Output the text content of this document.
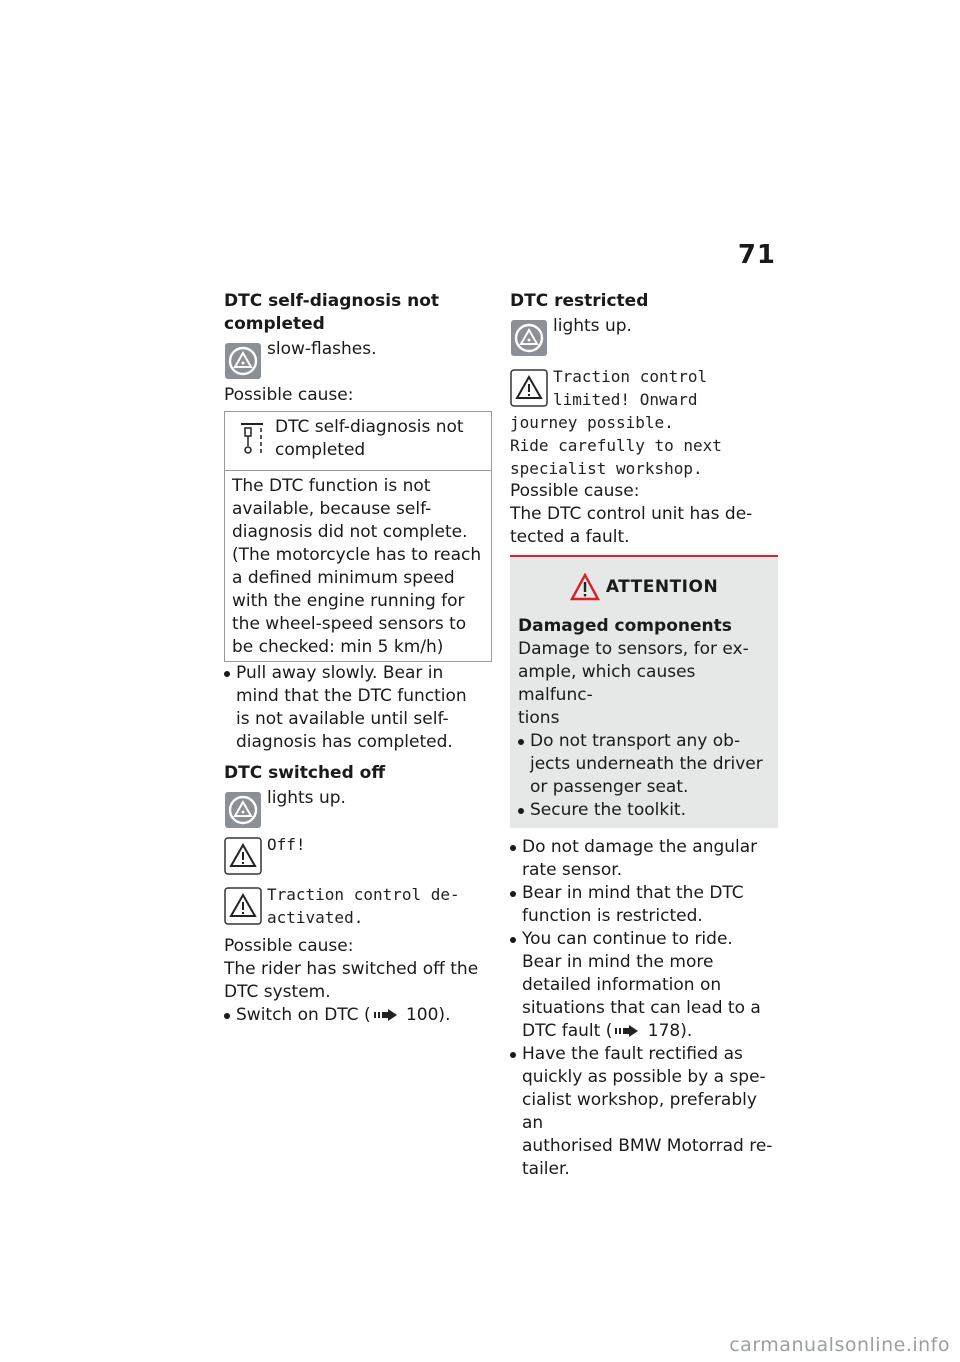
71

DTC self-diagnosis not

completed

slow-flashes.

Possible cause:

DTC self-diagnosis not

completed

The DTC function is not

available, because self-

diagnosis did not complete.

(The motorcycle has to reach

a defined minimum speed

with the engine running for

the wheel-speed sensors to

be checked: min 5 km/h)

Pull away slowly. Bear in
mind that the DTC function
is not available until self-
diagnosis has completed.

DTC switched off

lights up.

Off!

Traction control de-

activated.

Possible cause:

The rider has switched off the

DTC system.

Switch on DTC ( 100).

DTC restricted

lights up.

Traction control

limited! Onward

journey possible.

Ride carefully to next

specialist workshop.

Possible cause:

The DTC control unit has de-

tected a fault.

ATTENTION

Damaged components

Damage to sensors, for ex-

ample, which causes malfunc-

tions

Do not transport any ob-
jects underneath the driver
or passenger seat.
Secure the toolkit.
Do not damage the angular
rate sensor.
Bear in mind that the DTC
function is restricted.
You can continue to ride.
Bear in mind the more
detailed information on
situations that can lead to a
DTC fault ( 178).
Have the fault rectified as
quickly as possible by a spe-
cialist workshop, preferably an
authorised BMW Motorrad re-
tailer.
carmanualsonline.info
